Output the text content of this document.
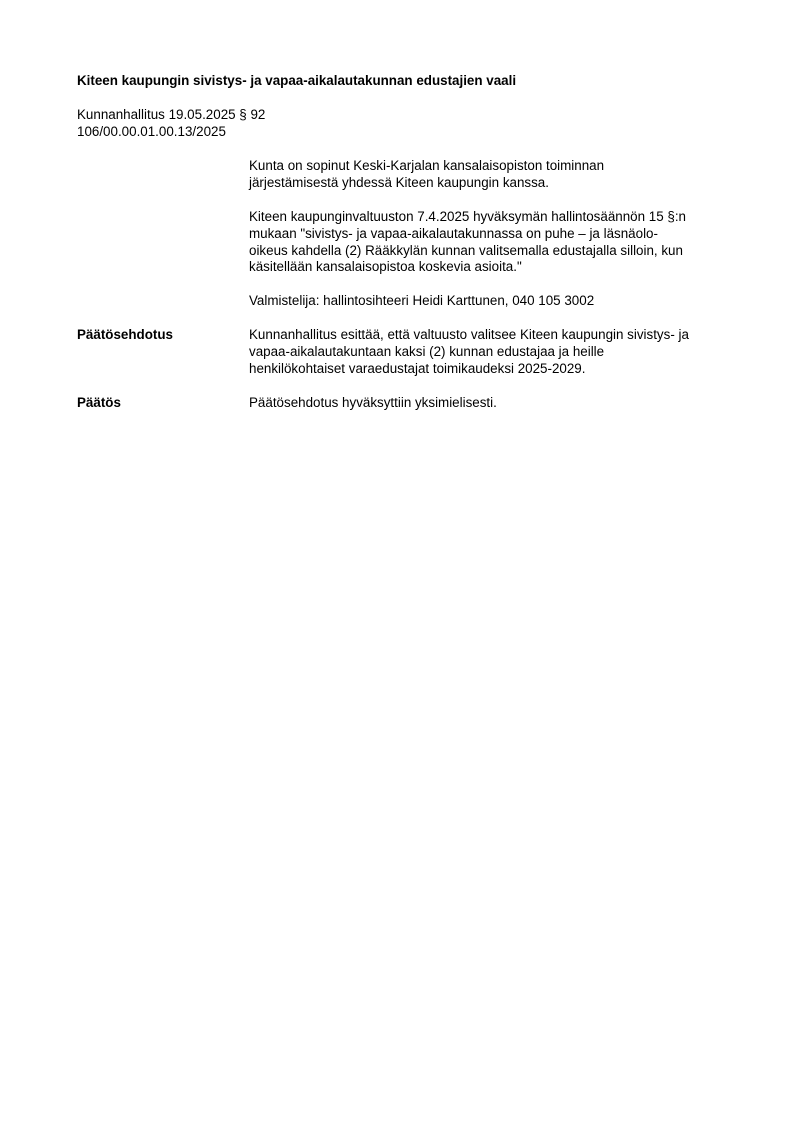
Kiteen kaupungin sivistys- ja vapaa-aikalautakunnan edustajien vaali
Kunnanhallitus 19.05.2025 § 92
106/00.00.01.00.13/2025
Kunta on sopinut Keski-Karjalan kansalaisopiston toiminnan
järjestämisestä yhdessä Kiteen kaupungin kanssa.
Kiteen kaupunginvaltuuston 7.4.2025 hyväksymän hallintosäännön 15 §:n
mukaan "sivistys- ja vapaa-aikalautakunnassa on puhe – ja läsnäolo-
oikeus kahdella (2) Rääkkylän kunnan valitsemalla edustajalla silloin, kun
käsitellään kansalaisopistoa koskevia asioita."
Valmistelija: hallintosihteeri Heidi Karttunen, 040 105 3002
Päätösehdotus	Kunnanhallitus esittää, että valtuusto valitsee Kiteen kaupungin sivistys- ja
vapaa-aikalautakuntaan kaksi (2) kunnan edustajaa ja heille
henkilökohtaiset varaedustajat toimikaudeksi 2025-2029.
Päätös	Päätösehdotus hyväksyttiin yksimielisesti.
